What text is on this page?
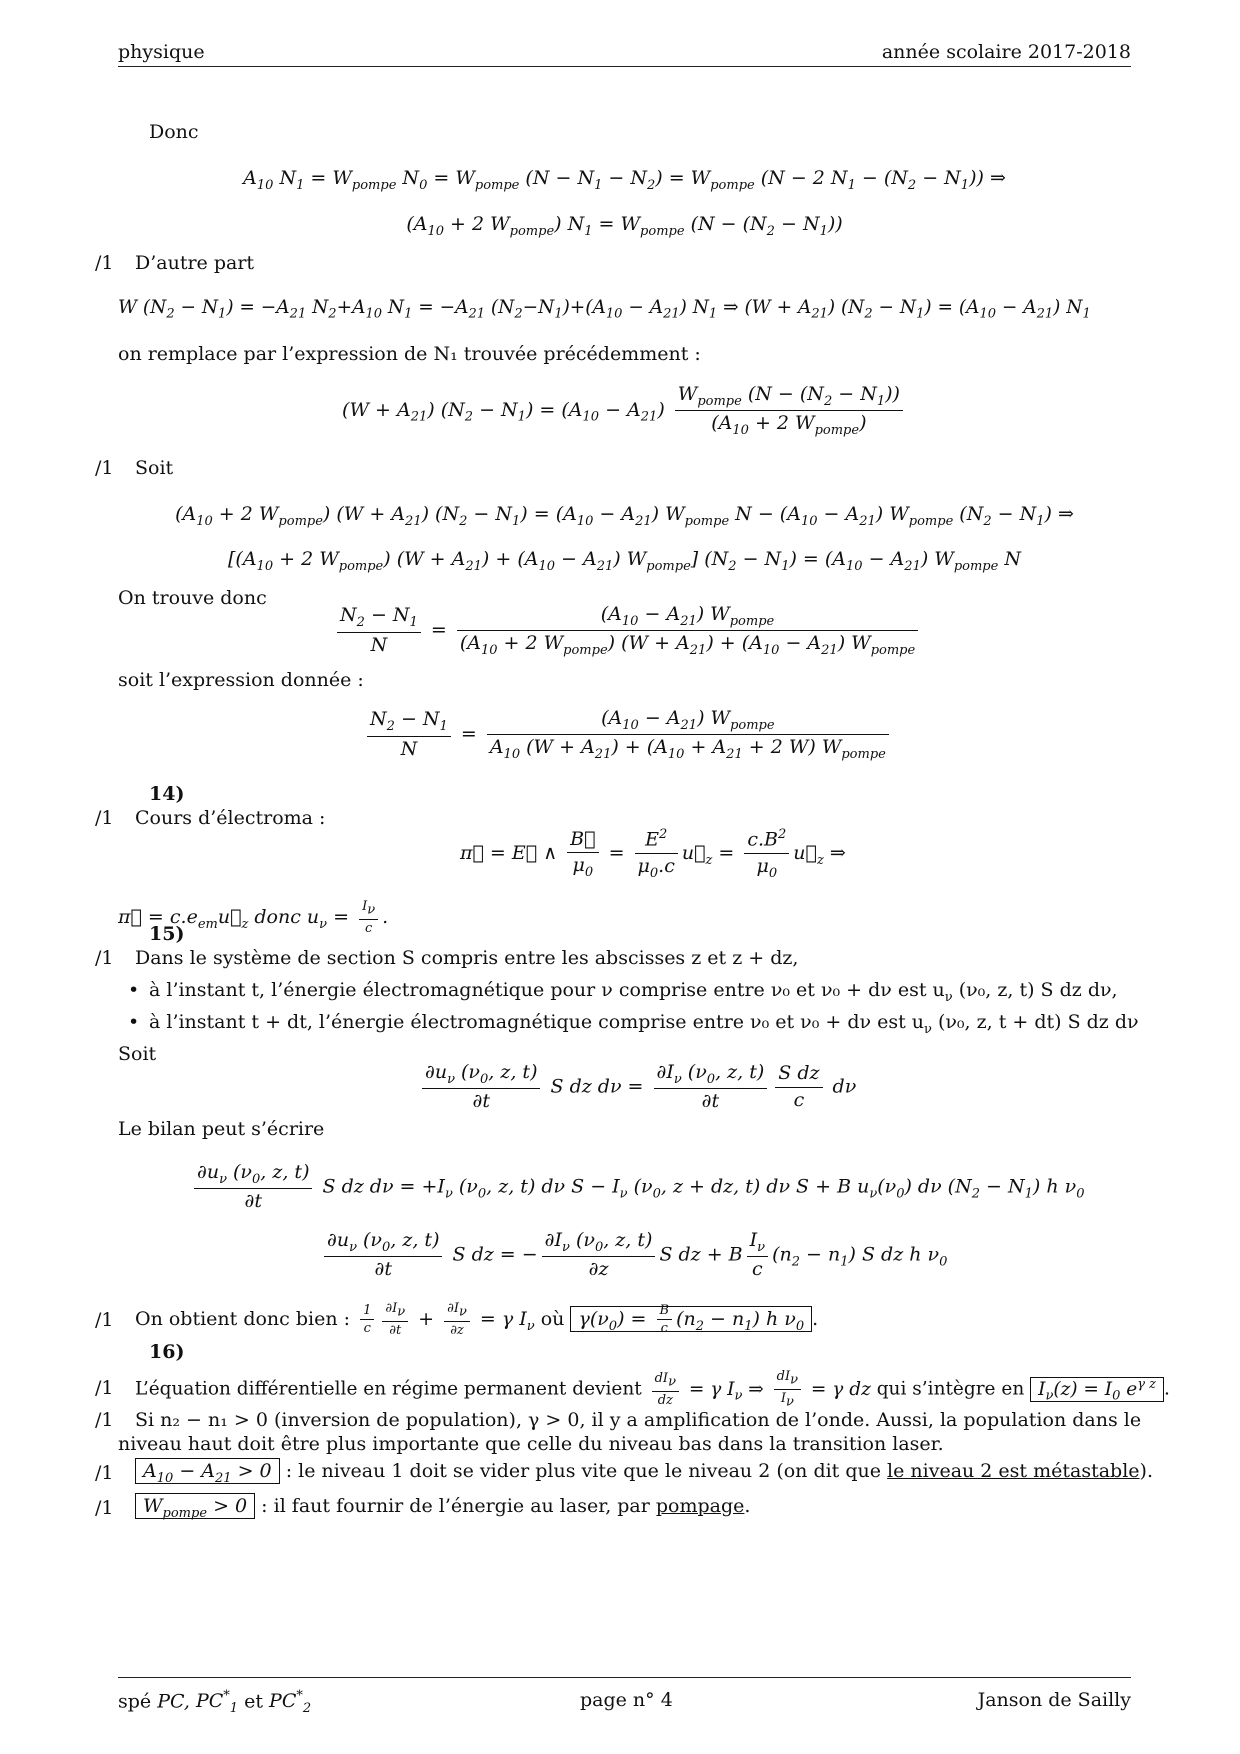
physique	année scolaire 2017-2018
Donc
$A_{10}$ $N_1 = W_{pompe}$ $N_0 = W_{pompe}$ $(N - N_1 - N_2) = W_{pompe}$ (N − 2 $N_1 - (N_2 - N_1)$) ⇒
($A_{10} + 2$ $W_{pompe}$) $N_1 = W_{pompe}$ $(N - (N_2 - N_1))$
/1 D’autre part
W $(N_2 - N_1) = -A_{21}$ $N_2+A_{10}$ $N_1 = -A_{21}$ $(N_2-N_1)+(A_{10} - A_{21})$ $N_1$ ⇒ $(W + A_{21})$ $(N_2 - N_1) = (A_{10} - A_{21})$ $N_1$
on remplace par l’expression de N₁ trouvée précédemment :
$(W + A_{21})$ $(N_2 - N_1) = (A_{10} - A_{21}) \frac{W_{pompe} (N - (N_2 - N_1))}{(A_{10} + 2 W_{pompe})}$
/1 Soit
($A_{10} + 2$ $W_{pompe}$) $(W + A_{21})$ $(N_2 - N_1) = (A_{10} - A_{21})$ $W_{pompe}$ $N - (A_{10} - A_{21})$ $W_{pompe}$ $(N_2 - N_1)$ ⇒
[($A_{10} + 2$ $W_{pompe}$) $(W + A_{21}) + (A_{10} - A_{21})$ $W_{pompe}$] $(N_2 - N_1) = (A_{10} - A_{21})$ $W_{pompe}$ N
On trouve donc
$\frac{N_2 - N_1}{N} = \frac{(A_{10} - A_{21}) W_{pompe}}{(A_{10} + 2 W_{pompe}) (W + A_{21}) + (A_{10} - A_{21}) W_{pompe}}$
soit l’expression donnée :
$\frac{N_2 - N_1}{N} = \frac{(A_{10} - A_{21}) W_{pompe}}{A_{10} (W + A_{21}) + (A_{10} + A_{21} + 2 W) W_{pompe}}$
14)
/1 Cours d’électroma :
π⃗ = E⃗ ∧ $\frac{B⃗}{\mu_0} = \frac{E^2}{\mu_0.c}$ $u⃗_z = \frac{c.B^2}{\mu_0}$ $u⃗_z$ ⇒
π⃗ = $c.e_{em}u⃗_z$ donc $u_\nu = \frac{I_\nu}{c}$ .
15)
/1 Dans le système de section S compris entre les abscisses z et z + dz,
• à l’instant t, l’énergie électromagnétique pour ν comprise entre ν₀ et ν₀ + dν est $u_\nu$ (ν₀, z, t) S dz dν,
• à l’instant t + dt, l’énergie électromagnétique comprise entre ν₀ et ν₀ + dν est $u_\nu$ (ν₀, z, t + dt) S dz dν
Soit
$\frac{\partial u_\nu (\nu_0, z, t)}{\partial t}$ S dz $d\nu = \frac{\partial I_\nu (\nu_0, z, t)}{\partial t} \frac{\text{S dz}}{c}$ dν
Le bilan peut s’écrire
$\frac{\partial u_\nu (\nu_0, z, t)}{\partial t}$ S dz $d\nu = +I_\nu$ ($\nu_0$, z, t) dν $S - I_\nu$ ($\nu_0$, z + dz, t) dν S + B $u_\nu(\nu_0)$ dν $(N_2 - N_1)$ h $\nu_0$
$\frac{\partial u_\nu (\nu_0, z, t)}{\partial t}$ S dz = − $\frac{\partial I_\nu (\nu_0, z, t)}{\partial z}$ S dz + B $\frac{I_\nu}{c} (n_2 - n_1)$ S dz h $\nu_0$
/1 On obtient donc bien : $\frac{1}{c} \frac{\partial I_\nu}{\partial t} + \frac{\partial I_\nu}{\partial z} = \gamma$ $I_\nu$ où $\gamma(\nu_0) = \frac{B}{c} (n_2 - n_1)$ h $\nu_0$ .
16)
/1 L’équation différentielle en régime permanent devient $\frac{dI_\nu}{dz} = \gamma$ $I_\nu$ ⇒ $\frac{dI_\nu}{I_\nu} = \gamma$ dz qui s’intègre en $I_\nu(z) = I_0$ $e^{\gamma z}$ .
/1 Si n₂ − n₁ > 0 (inversion de population), γ > 0, il y a amplification de l’onde. Aussi, la population dans le
niveau haut doit être plus importante que celle du niveau bas dans la transition laser.
/1	$A_{10} - A_{21} > 0$ : le niveau 1 doit se vider plus vite que le niveau 2 (on dit que le niveau 2 est métastable).
/1	$W_{pompe} > 0$ : il faut fournir de l’énergie au laser, par pompage.
spé PC, $PC^*_1$ et $PC^*_2$	page n° 4	Janson de Sailly
